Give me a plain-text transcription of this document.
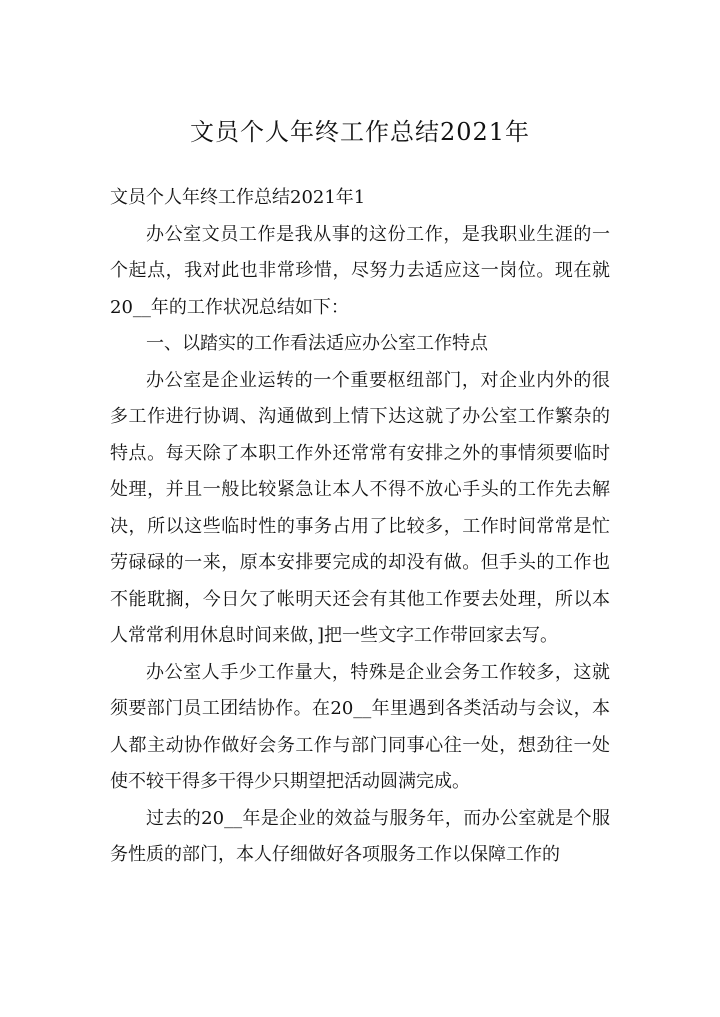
文员个人年终工作总结2021年

文员个人年终工作总结2021年1

办公室文员工作是我从事的这份工作，是我职业生涯的一个起点，我对此也非常珍惜，尽努力去适应这一岗位。现在就20__年的工作状况总结如下：

一、以踏实的工作看法适应办公室工作特点

办公室是企业运转的一个重要枢纽部门，对企业内外的很多工作进行协调、沟通做到上情下达这就了办公室工作繁杂的特点。每天除了本职工作外还常常有安排之外的事情须要临时处理，并且一般比较紧急让本人不得不放心手头的工作先去解决，所以这些临时性的事务占用了比较多，工作时间常常是忙劳碌碌的一来，原本安排要完成的却没有做。但手头的工作也不能耽搁，今日欠了帐明天还会有其他工作要去处理，所以本人常常利用休息时间来做，]把一些文字工作带回家去写。

办公室人手少工作量大，特殊是企业会务工作较多，这就须要部门员工团结协作。在20__年里遇到各类活动与会议，本人都主动协作做好会务工作与部门同事心往一处，想劲往一处使不较干得多干得少只期望把活动圆满完成。

过去的20__年是企业的效益与服务年，而办公室就是个服务性质的部门，本人仔细做好各项服务工作以保障工作的
